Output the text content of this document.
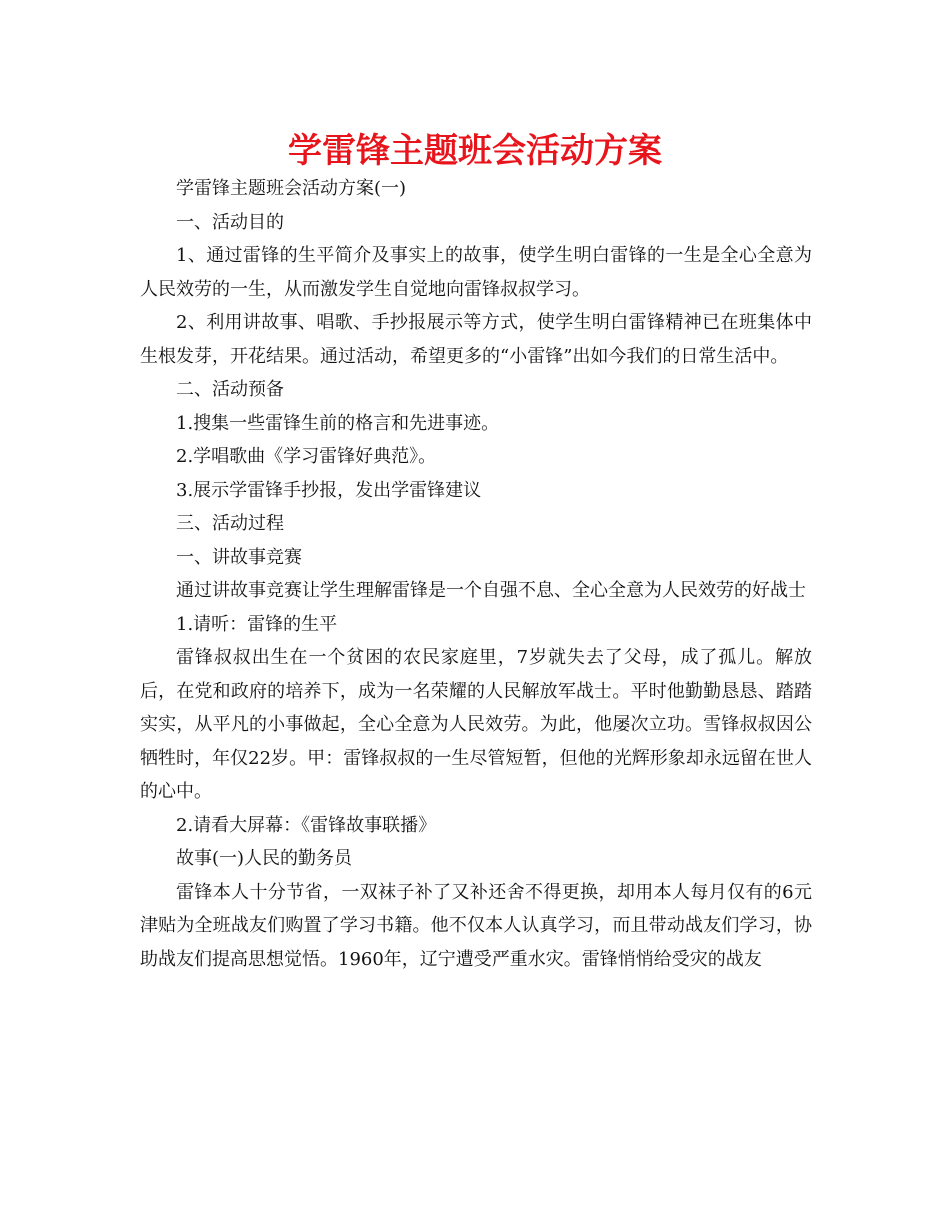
学雷锋主题班会活动方案

学雷锋主题班会活动方案(一)

一、活动目的

1、通过雷锋的生平简介及事实上的故事，使学生明白雷锋的一生是全心全意为人民效劳的一生，从而激发学生自觉地向雷锋叔叔学习。

2、利用讲故事、唱歌、手抄报展示等方式，使学生明白雷锋精神已在班集体中生根发芽，开花结果。通过活动，希望更多的“小雷锋”出如今我们的日常生活中。

二、活动预备

1.搜集一些雷锋生前的格言和先进事迹。

2.学唱歌曲《学习雷锋好典范》。

3.展示学雷锋手抄报，发出学雷锋建议

三、活动过程

一、讲故事竞赛

通过讲故事竞赛让学生理解雷锋是一个自强不息、全心全意为人民效劳的好战士

1.请听：雷锋的生平

雷锋叔叔出生在一个贫困的农民家庭里，7岁就失去了父母，成了孤儿。解放后，在党和政府的培养下，成为一名荣耀的人民解放军战士。平时他勤勤恳恳、踏踏实实，从平凡的小事做起，全心全意为人民效劳。为此，他屡次立功。雪锋叔叔因公牺牲时，年仅22岁。甲：雷锋叔叔的一生尽管短暂，但他的光辉形象却永远留在世人的心中。

2.请看大屏幕：《雷锋故事联播》

故事(一)人民的勤务员

雷锋本人十分节省，一双袜子补了又补还舍不得更换，却用本人每月仅有的6元津贴为全班战友们购置了学习书籍。他不仅本人认真学习，而且带动战友们学习，协助战友们提高思想觉悟。1960年，辽宁遭受严重水灾。雷锋悄悄给受灾的战友
